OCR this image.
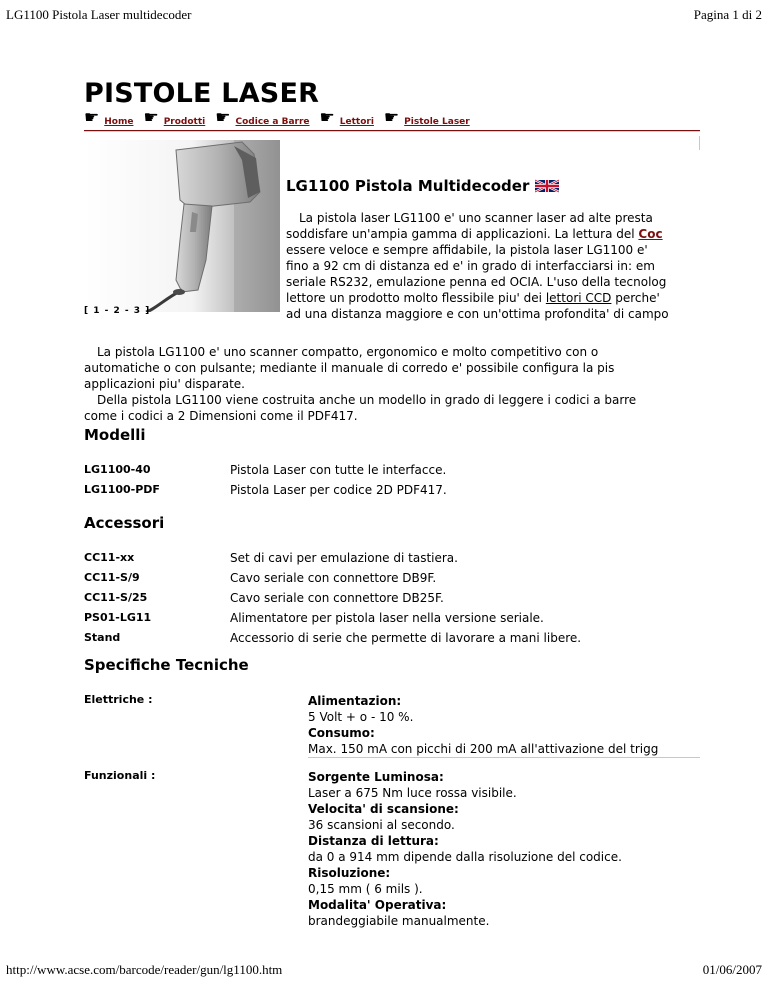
LG1100 Pistola Laser multidecoder	Pagina 1 di 2
PISTOLE LASER
☛ Home ☛ Prodotti ☛ Codice a Barre ☛ Lettori ☛ Pistole Laser
[ 1 - 2 - 3 ]
LG1100 Pistola Multidecoder
La pistola laser LG1100 e' uno scanner laser ad alte presta
soddisfare un'ampia gamma di applicazioni. La lettura del Coc
essere veloce e sempre affidabile, la pistola laser LG1100 e'
fino a 92 cm di distanza ed e' in grado di interfacciarsi in: em
seriale RS232, emulazione penna ed OCIA. L'uso della tecnolog
lettore un prodotto molto flessibile piu' dei lettori CCD perche'
ad una distanza maggiore e con un'ottima profondita' di campo
La pistola LG1100 e' uno scanner compatto, ergonomico e molto competitivo con o
automatiche o con pulsante; mediante il manuale di corredo e' possibile configura la pis
applicazioni piu' disparate.
Della pistola LG1100 viene costruita anche un modello in grado di leggere i codici a barre
come i codici a 2 Dimensioni come il PDF417.
Modelli
LG1100-40	Pistola Laser con tutte le interfacce.
LG1100-PDF	Pistola Laser per codice 2D PDF417.
Accessori
CC11-xx	Set di cavi per emulazione di tastiera.
CC11-S/9	Cavo seriale con connettore DB9F.
CC11-S/25	Cavo seriale con connettore DB25F.
PS01-LG11	Alimentatore per pistola laser nella versione seriale.
Stand	Accessorio di serie che permette di lavorare a mani libere.
Specifiche Tecniche
Elettriche :	Alimentazion:
5 Volt + o - 10 %.
Consumo:
Max. 150 mA con picchi di 200 mA all'attivazione del trigg
Funzionali :	Sorgente Luminosa:
Laser a 675 Nm luce rossa visibile.
Velocita' di scansione:
36 scansioni al secondo.
Distanza di lettura:
da 0 a 914 mm dipende dalla risoluzione del codice.
Risoluzione:
0,15 mm ( 6 mils ).
Modalita' Operativa:
brandeggiabile manualmente.
http://www.acse.com/barcode/reader/gun/lg1100.htm	01/06/2007
